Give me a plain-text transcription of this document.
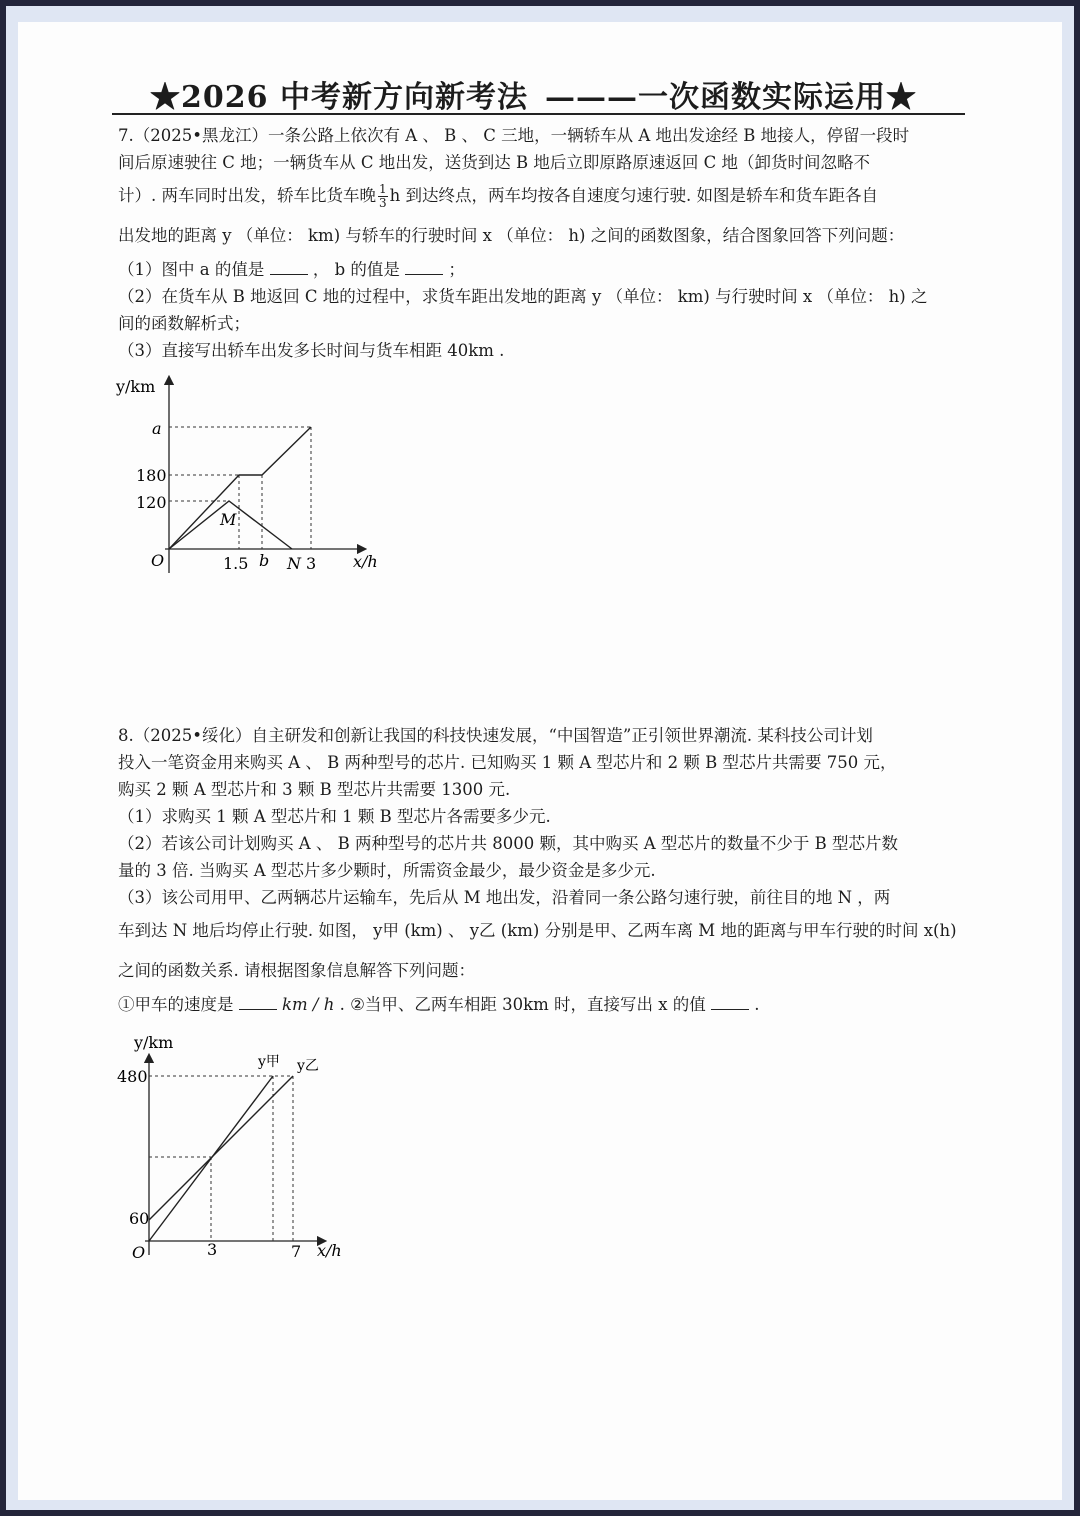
★2026 中考新方向新考法 ———一次函数实际运用★
7.（2025•黑龙江）一条公路上依次有 A 、 B 、 C 三地，一辆轿车从 A 地出发途经 B 地接人，停留一段时
间后原速驶往 C 地；一辆货车从 C 地出发，送货到达 B 地后立即原路原速返回 C 地（卸货时间忽略不
计）. 两车同时出发，轿车比货车晚 $\frac{1}{3}$ h 到达终点，两车均按各自速度匀速行驶. 如图是轿车和货车距各自
出发地的距离 y （单位： km) 与轿车的行驶时间 x （单位： h) 之间的函数图象，结合图象回答下列问题：
（1）图中 a 的值是	， b 的值是	；
（2）在货车从 B 地返回 C 地的过程中，求货车距出发地的距离 y （单位： km) 与行驶时间 x （单位： h) 之
间的函数解析式；
（3）直接写出轿车出发多长时间与货车相距 40km .
y/km
x/h
O
a
180
120
1.5 b N 3
M
8.（2025•绥化）自主研发和创新让我国的科技快速发展，“中国智造”正引领世界潮流. 某科技公司计划
投入一笔资金用来购买 A 、 B 两种型号的芯片. 已知购买 1 颗 A 型芯片和 2 颗 B 型芯片共需要 750 元，
购买 2 颗 A 型芯片和 3 颗 B 型芯片共需要 1300 元.
（1）求购买 1 颗 A 型芯片和 1 颗 B 型芯片各需要多少元.
（2）若该公司计划购买 A 、 B 两种型号的芯片共 8000 颗，其中购买 A 型芯片的数量不少于 B 型芯片数
量的 3 倍. 当购买 A 型芯片多少颗时，所需资金最少，最少资金是多少元.
（3）该公司用甲、乙两辆芯片运输车，先后从 M 地出发，沿着同一条公路匀速行驶，前往目的地 N ，两
车到达 N 地后均停止行驶. 如图， y甲 (km) 、 y乙 (km) 分别是甲、乙两车离 M 地的距离与甲车行驶的时间 x(h)
之间的函数关系. 请根据图象信息解答下列问题：
①甲车的速度是	km / h . ②当甲、乙两车相距 30km 时，直接写出 x 的值	.
y/km
x/h
O
480
60
3	7
y甲 y乙
